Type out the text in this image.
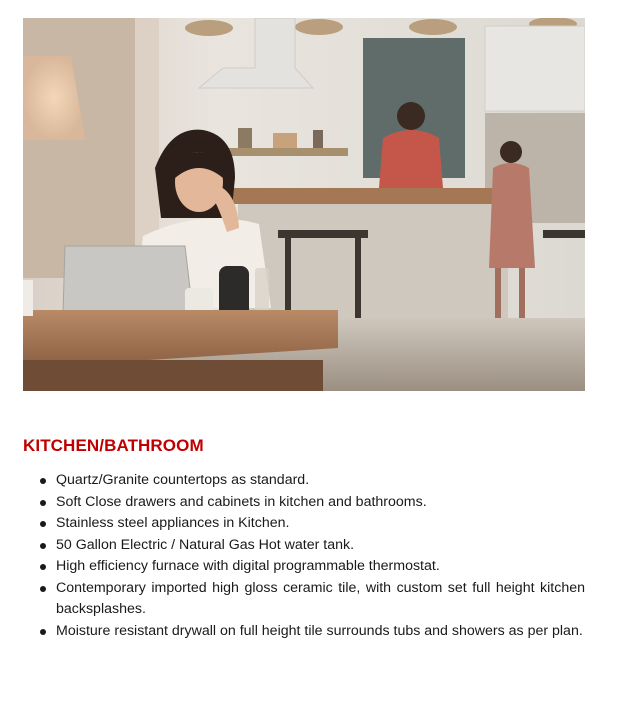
KITCHEN/BATHROOM
Quartz/Granite countertops as standard.
Soft Close drawers and cabinets in kitchen and bathrooms.
Stainless steel appliances in Kitchen.
50 Gallon Electric / Natural Gas Hot water tank.
High efficiency furnace with digital programmable thermostat.
Contemporary imported high gloss ceramic tile, with custom set full height kitchen backsplashes.
Moisture resistant drywall on full height tile surrounds tubs and showers as per plan.
